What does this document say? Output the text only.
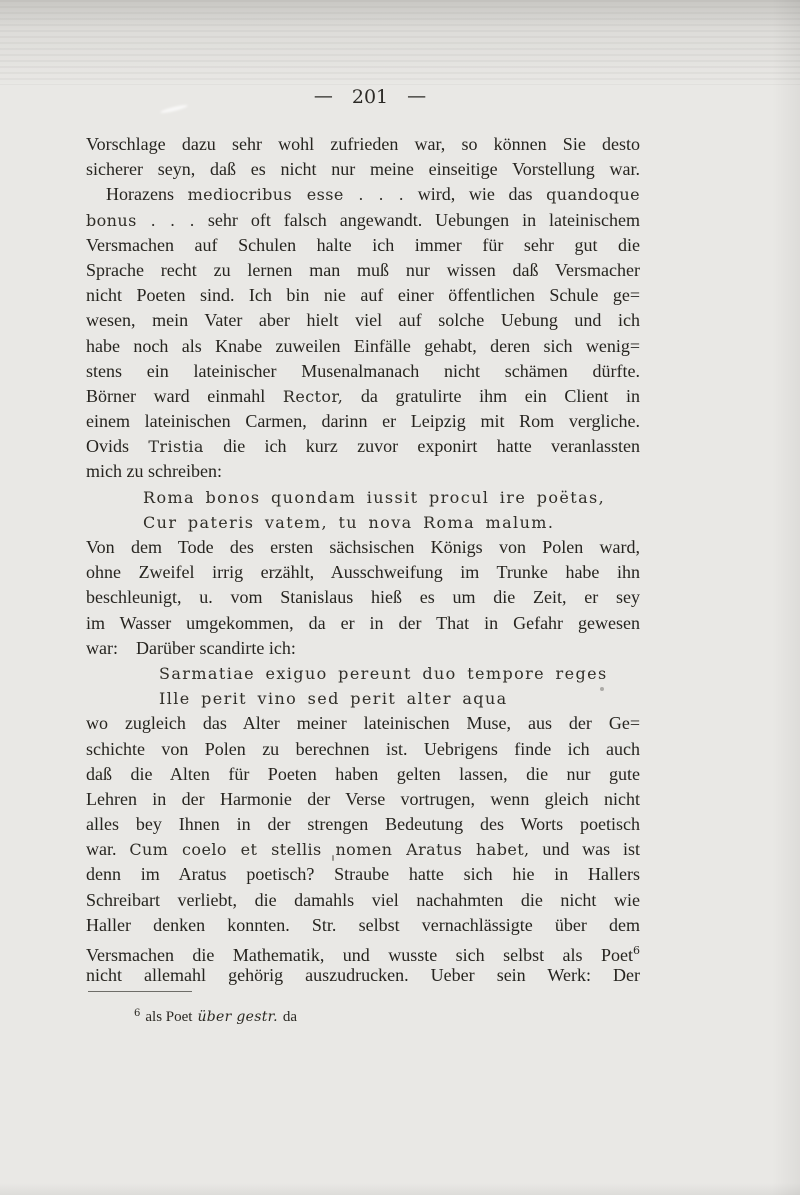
— 201 —
Vorschlage dazu sehr wohl zufrieden war, so können Sie desto
sicherer seyn, daß es nicht nur meine einseitige Vorstellung war.
Horazens mediocribus esse . . . wird, wie das quandoque
bonus . . . sehr oft falsch angewandt. Uebungen in lateinischem
Versmachen auf Schulen halte ich immer für sehr gut die
Sprache recht zu lernen man muß nur wissen daß Versmacher
nicht Poeten sind. Ich bin nie auf einer öffentlichen Schule ge=
wesen, mein Vater aber hielt viel auf solche Uebung und ich
habe noch als Knabe zuweilen Einfälle gehabt, deren sich wenig=
stens ein lateinischer Musenalmanach nicht schämen dürfte.
Börner ward einmahl Rector, da gratulirte ihm ein Client in
einem lateinischen Carmen, darinn er Leipzig mit Rom vergliche.
Ovids Tristia die ich kurz zuvor exponirt hatte veranlassten
mich zu schreiben:
Roma bonos quondam iussit procul ire poëtas,
Cur pateris vatem, tu nova Roma malum.
Von dem Tode des ersten sächsischen Königs von Polen ward,
ohne Zweifel irrig erzählt, Ausschweifung im Trunke habe ihn
beschleunigt, u. vom Stanislaus hieß es um die Zeit, er sey
im Wasser umgekommen, da er in der That in Gefahr gewesen
war: Darüber scandirte ich:
Sarmatiae exiguo pereunt duo tempore reges
Ille perit vino sed perit alter aqua
wo zugleich das Alter meiner lateinischen Muse, aus der Ge=
schichte von Polen zu berechnen ist. Uebrigens finde ich auch
daß die Alten für Poeten haben gelten lassen, die nur gute
Lehren in der Harmonie der Verse vortrugen, wenn gleich nicht
alles bey Ihnen in der strengen Bedeutung des Worts poetisch
war. Cum coelo et stellis nomen Aratus habet, und was ist
denn im Aratus poetisch? Straube hatte sich hie in Hallers
Schreibart verliebt, die damahls viel nachahmten die nicht wie
Haller denken konnten. Str. selbst vernachlässigte über dem
Versmachen die Mathematik, und wusste sich selbst als Poet$^6$
nicht allemahl gehörig auszudrucken. Ueber sein Werk: Der
$^6$ als Poet über gestr. da
